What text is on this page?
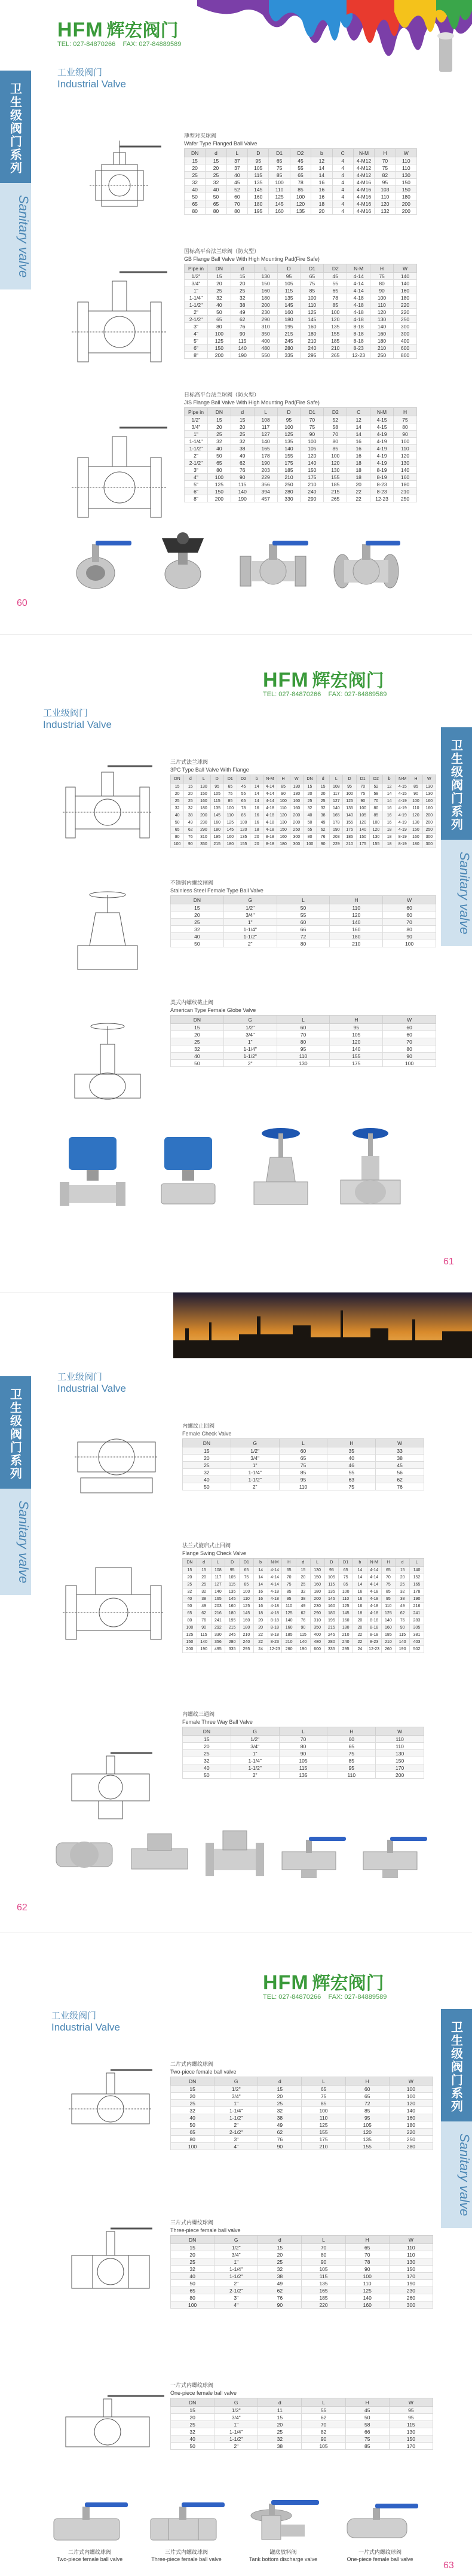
HFM 辉宏阀门
TEL: 027-84870266 FAX: 027-84889589
卫生级阀门系列
Sanitary valve
工业级阀门
Industrial Valve
薄型对夹球阀
Wafer Type Flanged Ball Valve
DN	d	L	D	D1	D2	b	C	N-M	H	W
15	15	37	95	65	45	12	4	4-M12	70	110
20	20	37	105	75	55	14	4	4-M12	75	110
25	25	40	115	85	65	14	4	4-M12	82	130
32	32	45	135	100	78	16	4	4-M16	95	150
40	40	52	145	110	85	16	4	4-M16	103	150
50	50	60	160	125	100	16	4	4-M16	110	180
65	65	70	180	145	120	18	4	4-M16	120	200
80	80	80	195	160	135	20	4	4-M16	132	200
国标高平台法兰球阀（防火型）
GB Flange Ball Valve With High Mounting Pad(Fire Safe)
Pipe in	DN	d	L	D	D1	D2	N-M	H	W
1/2"	15	15	130	95	65	45	4-14	75	140
3/4"	20	20	150	105	75	55	4-14	80	140
1"	25	25	160	115	85	65	4-14	90	160
1-1/4"	32	32	180	135	100	78	4-18	100	180
1-1/2"	40	38	200	145	110	85	4-18	110	220
2"	50	49	230	160	125	100	4-18	120	220
2-1/2"	65	62	290	180	145	120	4-18	130	250
3"	80	76	310	195	160	135	8-18	140	300
4"	100	90	350	215	180	155	8-18	160	300
5"	125	115	400	245	210	185	8-18	180	400
6"	150	140	480	280	240	210	8-23	210	600
8"	200	190	550	335	295	265	12-23	250	800
日标高平台法兰球阀（防火型）
JIS Flange Ball Valve With High Mounting Pad(Fire Safe)
Pipe in	DN	d	L	D	D1	D2	C	N-M	H
1/2"	15	15	108	95	70	52	12	4-15	75
3/4"	20	20	117	100	75	58	14	4-15	80
1"	25	25	127	125	90	70	14	4-19	90
1-1/4"	32	32	140	135	100	80	16	4-19	100
1-1/2"	40	38	165	140	105	85	16	4-19	110
2"	50	49	178	155	120	100	16	4-19	120
2-1/2"	65	62	190	175	140	120	18	4-19	130
3"	80	76	203	185	150	130	18	8-19	140
4"	100	90	229	210	175	155	18	8-19	160
5"	125	115	356	250	210	185	20	8-23	180
6"	150	140	394	280	240	215	22	8-23	210
8"	200	190	457	330	290	265	22	12-23	250
60
HFM 辉宏阀门
TEL: 027-84870266 FAX: 027-84889589
卫生级阀门系列
Sanitary valve
工业级阀门
Industrial Valve
三片式法兰球阀
3PC Type Ball Valve With Flange
DN	d	L	D	D1	D2	b	N-M	H	W	DN	d	L	D	D1	D2	b	N-M	H	W
15	15	130	95	65	45	14	4-14	85	130	15	15	108	95	70	52	12	4-15	85	130
20	20	150	105	75	55	14	4-14	90	130	20	20	117	100	75	58	14	4-15	90	130
25	25	160	115	85	65	14	4-14	100	160	25	25	127	125	90	70	14	4-19	100	160
32	32	180	135	100	78	16	4-18	110	160	32	32	140	135	100	80	16	4-19	110	160
40	38	200	145	110	85	16	4-18	120	200	40	38	165	140	105	85	16	4-19	120	200
50	49	230	160	125	100	16	4-18	130	200	50	49	178	155	120	100	16	4-19	130	200
65	62	290	180	145	120	18	4-18	150	250	65	62	190	175	140	120	18	4-19	150	250
80	76	310	195	160	135	20	8-18	160	300	80	76	203	185	150	130	18	8-19	160	300
100	90	350	215	180	155	20	8-18	180	300	100	90	229	210	175	155	18	8-19	180	300
不锈钢内螺纹闸阀
Stainless Steel Female Type Ball Valve
DN	G	L	H	W
15	1/2"	50	110	60
20	3/4"	55	120	60
25	1"	60	140	70
32	1-1/4"	66	160	80
40	1-1/2"	72	180	90
50	2"	80	210	100
美式内螺纹截止阀
American Type Female Globe Valve
DN	G	L	H	W
15	1/2"	60	95	60
20	3/4"	70	105	60
25	1"	80	120	70
32	1-1/4"	95	140	80
40	1-1/2"	110	155	90
50	2"	130	175	100
61
卫生级阀门系列
Sanitary valve
工业级阀门
Industrial Valve
内螺纹止回阀
Female Check Valve
DN	G	L	H	W
15	1/2"	60	35	33
20	3/4"	65	40	38
25	1"	75	46	45
32	1-1/4"	85	55	56
40	1-1/2"	95	63	62
50	2"	110	75	76
法兰式旋启式止回阀
Flange Swing Check Valve
DN	d	L	D	D1	b	N-M	H	d	L	D	D1	b	N-M	H	d	L
15	15	108	95	65	14	4-14	65	15	130	95	65	14	4-14	65	15	140
20	20	117	105	75	14	4-14	70	20	150	105	75	14	4-14	70	20	152
25	25	127	115	85	14	4-14	75	25	160	115	85	14	4-14	75	25	165
32	32	140	135	100	16	4-18	85	32	180	135	100	16	4-18	85	32	178
40	38	165	145	110	16	4-18	95	38	200	145	110	16	4-18	95	38	190
50	49	203	160	125	16	4-18	110	49	230	160	125	16	4-18	110	49	216
65	62	216	180	145	18	4-18	125	62	290	180	145	18	4-18	125	62	241
80	76	241	195	160	20	8-18	140	76	310	195	160	20	8-18	140	76	283
100	90	292	215	180	20	8-18	160	90	350	215	180	20	8-18	160	90	305
125	115	330	245	210	22	8-18	185	115	400	245	210	22	8-18	185	115	381
150	140	356	280	240	22	8-23	210	140	480	280	240	22	8-23	210	140	403
200	190	495	335	295	24	12-23	260	190	600	335	295	24	12-23	260	190	502
内螺纹三通阀
Female Three Way Ball Valve
DN	G	L	H	W
15	1/2"	70	60	110
20	3/4"	80	65	110
25	1"	90	75	130
32	1-1/4"	105	85	150
40	1-1/2"	115	95	170
50	2"	135	110	200
62
HFM 辉宏阀门
TEL: 027-84870266 FAX: 027-84889589
卫生级阀门系列
Sanitary valve
工业级阀门
Industrial Valve
二片式内螺纹球阀
Two-piece female ball valve
DN	G	d	L	H	W
15	1/2"	15	65	60	100
20	3/4"	20	75	65	100
25	1"	25	85	72	120
32	1-1/4"	32	100	85	140
40	1-1/2"	38	110	95	160
50	2"	49	125	105	180
65	2-1/2"	62	155	120	220
80	3"	76	175	135	250
100	4"	90	210	155	280
三片式内螺纹球阀
Three-piece female ball valve
DN	G	d	L	H	W
15	1/2"	15	70	65	110
20	3/4"	20	80	70	110
25	1"	25	90	78	130
32	1-1/4"	32	105	90	150
40	1-1/2"	38	115	100	170
50	2"	49	135	110	190
65	2-1/2"	62	165	125	230
80	3"	76	185	140	260
100	4"	90	220	160	300
一片式内螺纹球阀
One-piece female ball valve
DN	G	d	L	H	W
15	1/2"	11	55	45	95
20	3/4"	15	62	50	95
25	1"	20	70	58	115
32	1-1/4"	25	82	66	130
40	1-1/2"	32	90	75	150
50	2"	38	105	85	170
二片式内螺纹球阀
Two-piece female ball valve
三片式内螺纹球阀
Three-piece female ball valve
罐底放料阀
Tank bottom discharge valve
一片式内螺纹球阀
One-piece female ball valve
63
